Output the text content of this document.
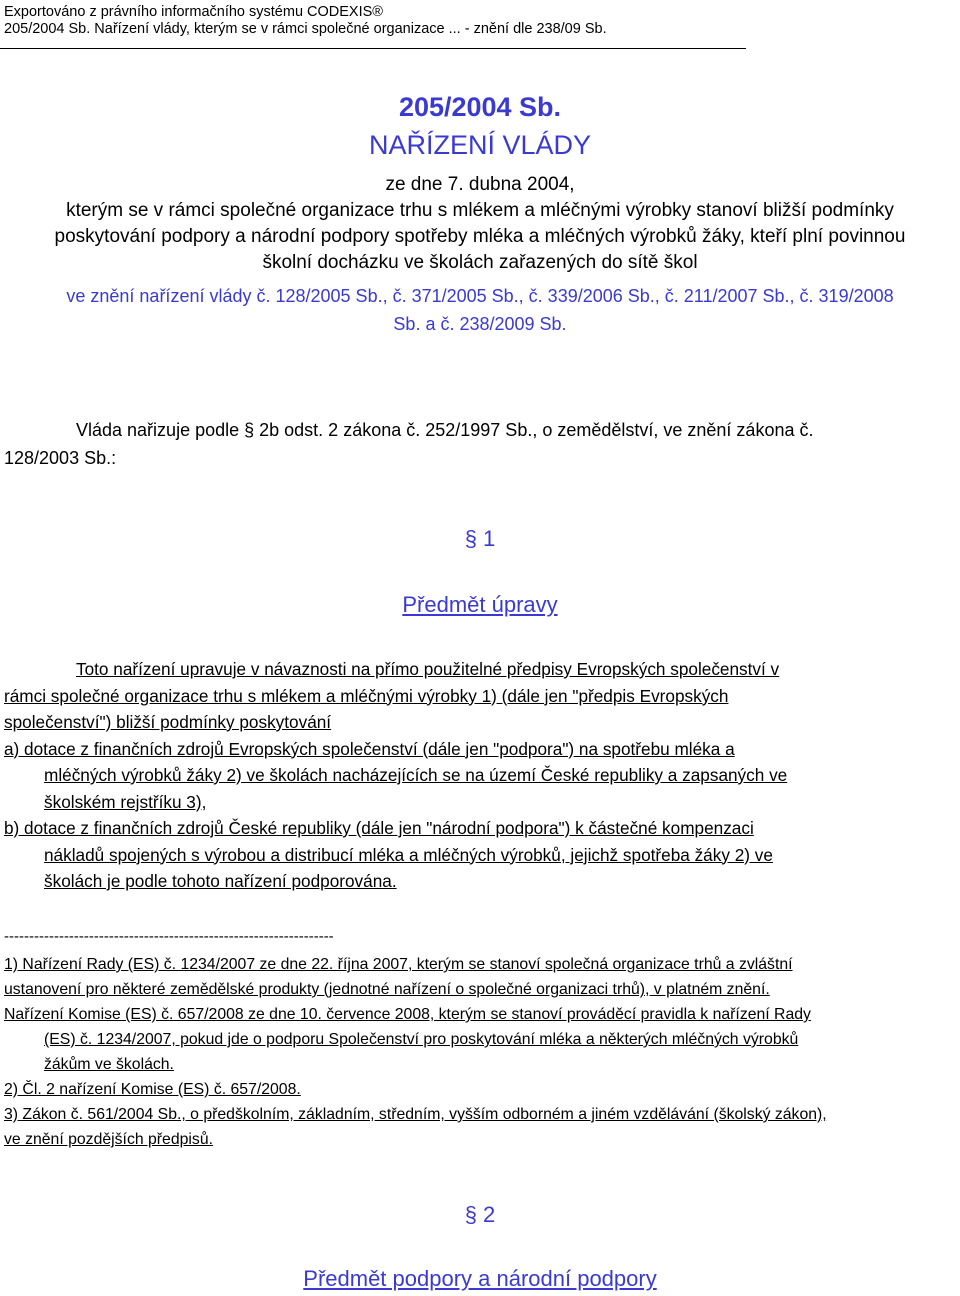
Exportováno z právního informačního systému CODEXIS®
205/2004 Sb. Nařízení vlády, kterým se v rámci společné organizace ... - znění dle 238/09 Sb.
205/2004 Sb.
NAŘÍZENÍ VLÁDY
ze dne 7. dubna 2004,
kterým se v rámci společné organizace trhu s mlékem a mléčnými výrobky stanoví bližší podmínky
poskytování podpory a národní podpory spotřeby mléka a mléčných výrobků žáky, kteří plní povinnou
školní docházku ve školách zařazených do sítě škol
ve znění nařízení vlády č. 128/2005 Sb., č. 371/2005 Sb., č. 339/2006 Sb., č. 211/2007 Sb., č. 319/2008
Sb. a č. 238/2009 Sb.
Vláda nařizuje podle § 2b odst. 2 zákona č. 252/1997 Sb., o zemědělství, ve znění zákona č.
128/2003 Sb.:
§ 1
Předmět úpravy
Toto nařízení upravuje v návaznosti na přímo použitelné předpisy Evropských společenství v
rámci společné organizace trhu s mlékem a mléčnými výrobky 1) (dále jen "předpis Evropských
společenství") bližší podmínky poskytování
a) dotace z finančních zdrojů Evropských společenství (dále jen "podpora") na spotřebu mléka a
mléčných výrobků žáky 2) ve školách nacházejících se na území České republiky a zapsaných ve
školském rejstříku 3),
b) dotace z finančních zdrojů České republiky (dále jen "národní podpora") k částečné kompenzaci
nákladů spojených s výrobou a distribucí mléka a mléčných výrobků, jejichž spotřeba žáky 2) ve
školách je podle tohoto nařízení podporována.
------------------------------------------------------------------
1) Nařízení Rady (ES) č. 1234/2007 ze dne 22. října 2007, kterým se stanoví společná organizace trhů a zvláštní
ustanovení pro některé zemědělské produkty (jednotné nařízení o společné organizaci trhů), v platném znění.
Nařízení Komise (ES) č. 657/2008 ze dne 10. července 2008, kterým se stanoví prováděcí pravidla k nařízení Rady
(ES) č. 1234/2007, pokud jde o podporu Společenství pro poskytování mléka a některých mléčných výrobků
žákům ve školách.
2) Čl. 2 nařízení Komise (ES) č. 657/2008.
3) Zákon č. 561/2004 Sb., o předškolním, základním, středním, vyšším odborném a jiném vzdělávání (školský zákon),
ve znění pozdějších předpisů.
§ 2
Předmět podpory a národní podpory
